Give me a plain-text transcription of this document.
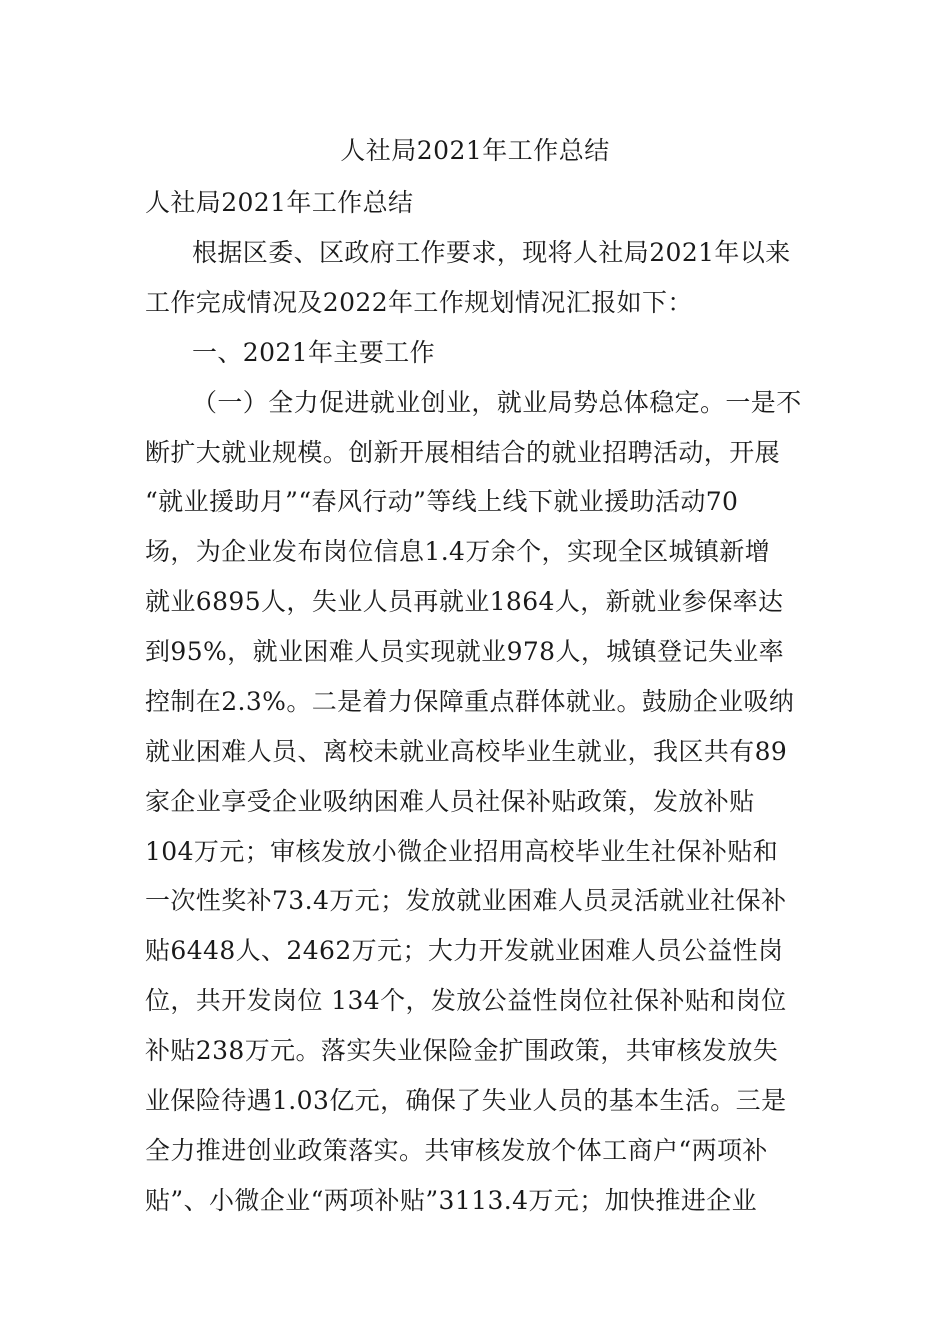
人社局2021年工作总结
人社局2021年工作总结
根据区委、区政府工作要求，现将人社局2021年以来
工作完成情况及2022年工作规划情况汇报如下：
一、2021年主要工作
（一）全力促进就业创业，就业局势总体稳定。一是不
断扩大就业规模。创新开展相结合的就业招聘活动，开展
“就业援助月”“春风行动”等线上线下就业援助活动70
场，为企业发布岗位信息1.4万余个，实现全区城镇新增
就业6895人，失业人员再就业1864人，新就业参保率达
到95%，就业困难人员实现就业978人，城镇登记失业率
控制在2.3%。二是着力保障重点群体就业。鼓励企业吸纳
就业困难人员、离校未就业高校毕业生就业，我区共有89
家企业享受企业吸纳困难人员社保补贴政策，发放补贴
104万元；审核发放小微企业招用高校毕业生社保补贴和
一次性奖补73.4万元；发放就业困难人员灵活就业社保补
贴6448人、2462万元；大力开发就业困难人员公益性岗
位，共开发岗位 134个，发放公益性岗位社保补贴和岗位
补贴238万元。落实失业保险金扩围政策，共审核发放失
业保险待遇1.03亿元，确保了失业人员的基本生活。三是
全力推进创业政策落实。共审核发放个体工商户“两项补
贴”、小微企业“两项补贴”3113.4万元；加快推进企业
